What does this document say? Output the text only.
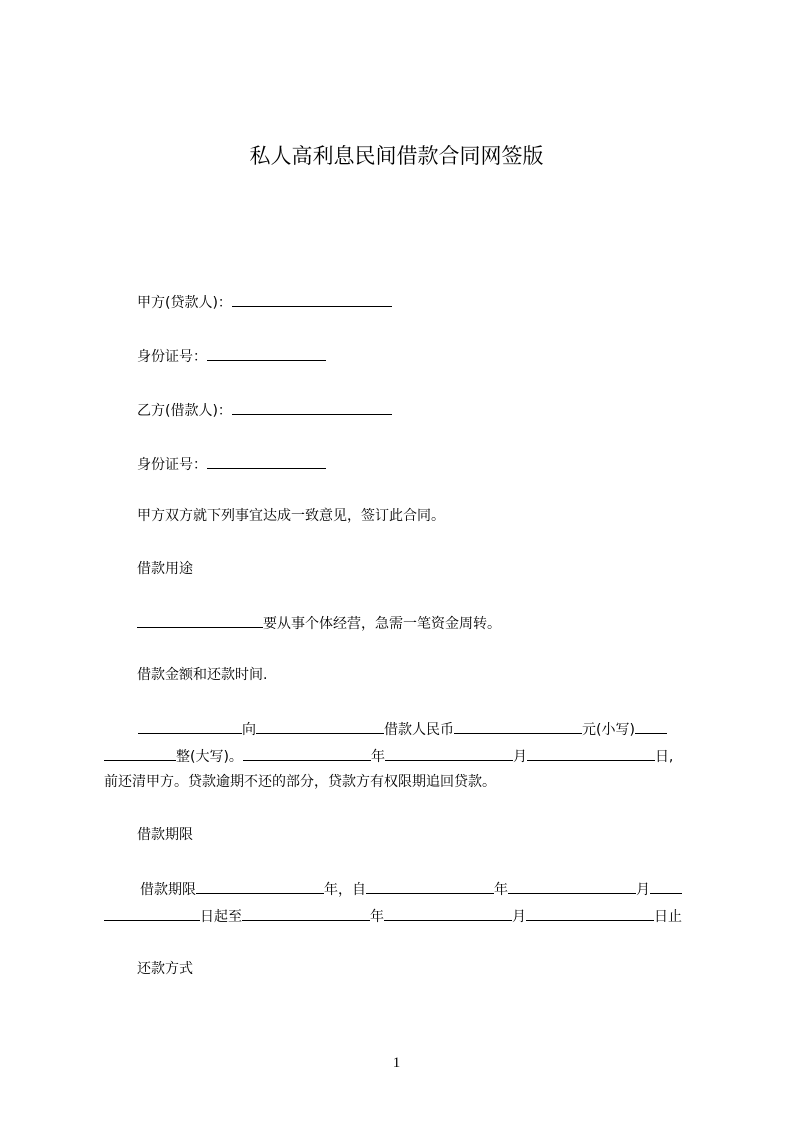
私人高利息民间借款合同网签版
甲方(贷款人)：
身份证号：
乙方(借款人)：
身份证号：
甲方双方就下列事宜达成一致意见，签订此合同。
借款用途
要从事个体经营，急需一笔资金周转。
借款金额和还款时间.
向	借款人民币	元(小写)
整(大写)。	年	月	日,
前还清甲方。贷款逾期不还的部分，贷款方有权限期追回贷款。
借款期限
借款期限	年，自	年	月
日起至	年	月	日止
还款方式
1
